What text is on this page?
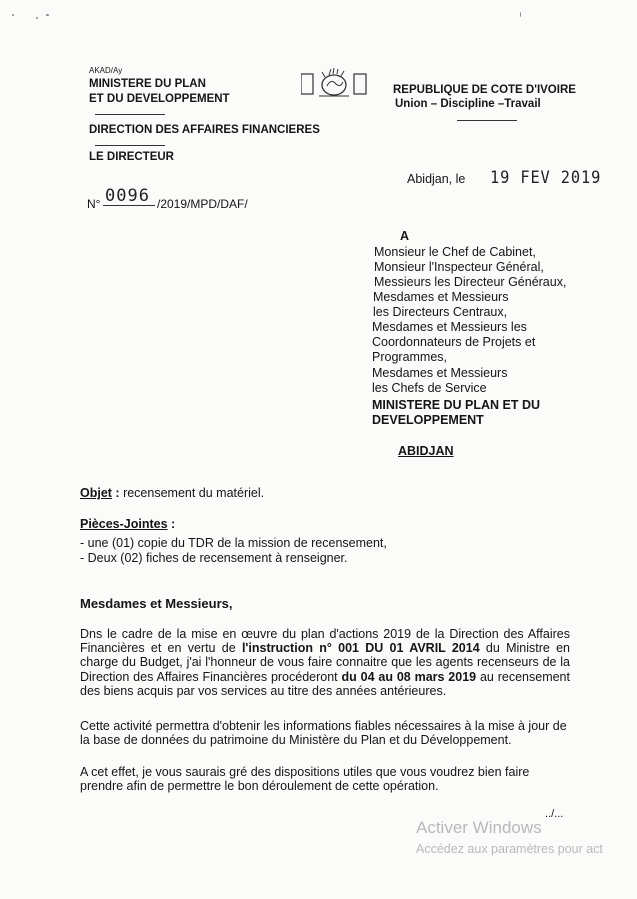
AKAD/Ay
MINISTERE DU PLAN
ET DU DEVELOPPEMENT
DIRECTION DES AFFAIRES FINANCIERES
LE DIRECTEUR
REPUBLIQUE DE COTE D'IVOIRE
Union – Discipline –Travail
N° 0096 /2019/MPD/DAF/
Abidjan, le 19 FEV 2019
A
Monsieur le Chef de Cabinet,
Monsieur l'Inspecteur Général,
Messieurs les Directeur Généraux,
Mesdames et Messieurs
les Directeurs Centraux,
Mesdames et Messieurs les
Coordonnateurs de Projets et
Programmes,
Mesdames et Messieurs
les Chefs de Service
MINISTERE DU PLAN ET DU
DEVELOPPEMENT
ABIDJAN
Objet : recensement du matériel.
Pièces-Jointes :
- une (01) copie du TDR de la mission de recensement,
- Deux (02) fiches de recensement à renseigner.
Mesdames et Messieurs,

Dns le cadre de la mise en œuvre du plan d'actions 2019 de la Direction des Affaires Financières et en vertu de l'instruction n° 001 DU 01 AVRIL 2014 du Ministre en charge du Budget, j'ai l'honneur de vous faire connaitre que les agents recenseurs de la Direction des Affaires Financières procéderont du 04 au 08 mars 2019 au recensement des biens acquis par vos services au titre des années antérieures.

Cette activité permettra d'obtenir les informations fiables nécessaires à la mise à jour de la base de données du patrimoine du Ministère du Plan et du Développement.

A cet effet, je vous saurais gré des dispositions utiles que vous voudrez bien faire prendre afin de permettre le bon déroulement de cette opération.

../...
Activer Windows
Accédez aux paramètres pour act
